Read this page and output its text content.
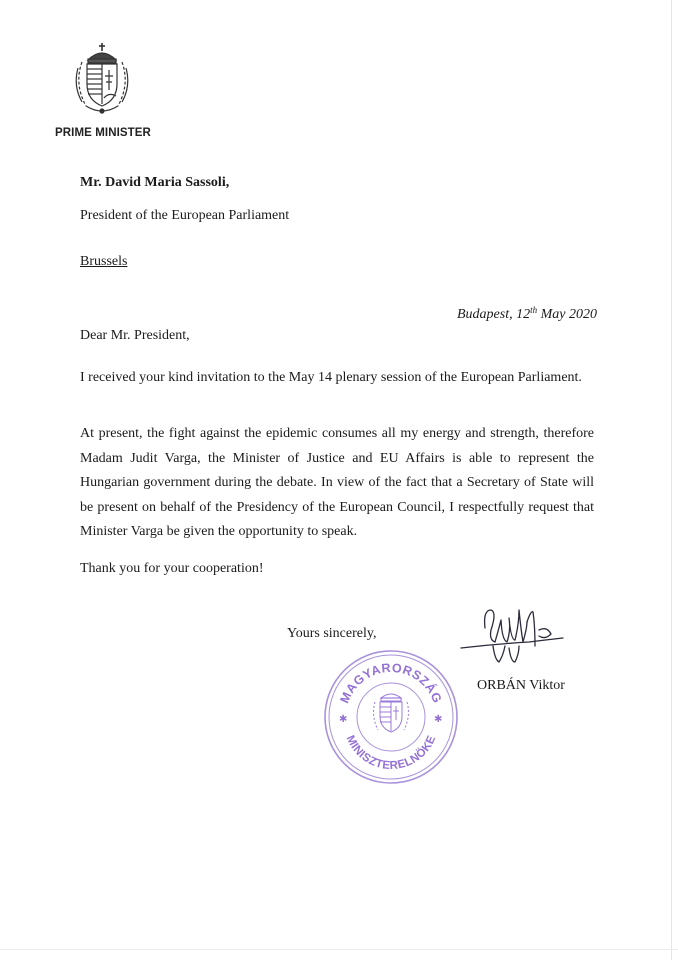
PRIME MINISTER
Mr. David Maria Sassoli,
President of the European Parliament
Brussels
Budapest, 12th May 2020
Dear Mr. President,
I received your kind invitation to the May 14 plenary session of the European Parliament.
At present, the fight against the epidemic consumes all my energy and strength, therefore Madam Judit Varga, the Minister of Justice and EU Affairs is able to represent the Hungarian government during the debate. In view of the fact that a Secretary of State will be present on behalf of the Presidency of the European Council, I respectfully request that Minister Varga be given the opportunity to speak.
Thank you for your cooperation!
Yours sincerely,
MAGYARORSZÁG
MINISZTERELNÖKE
✱	✱
ORBÁN Viktor
